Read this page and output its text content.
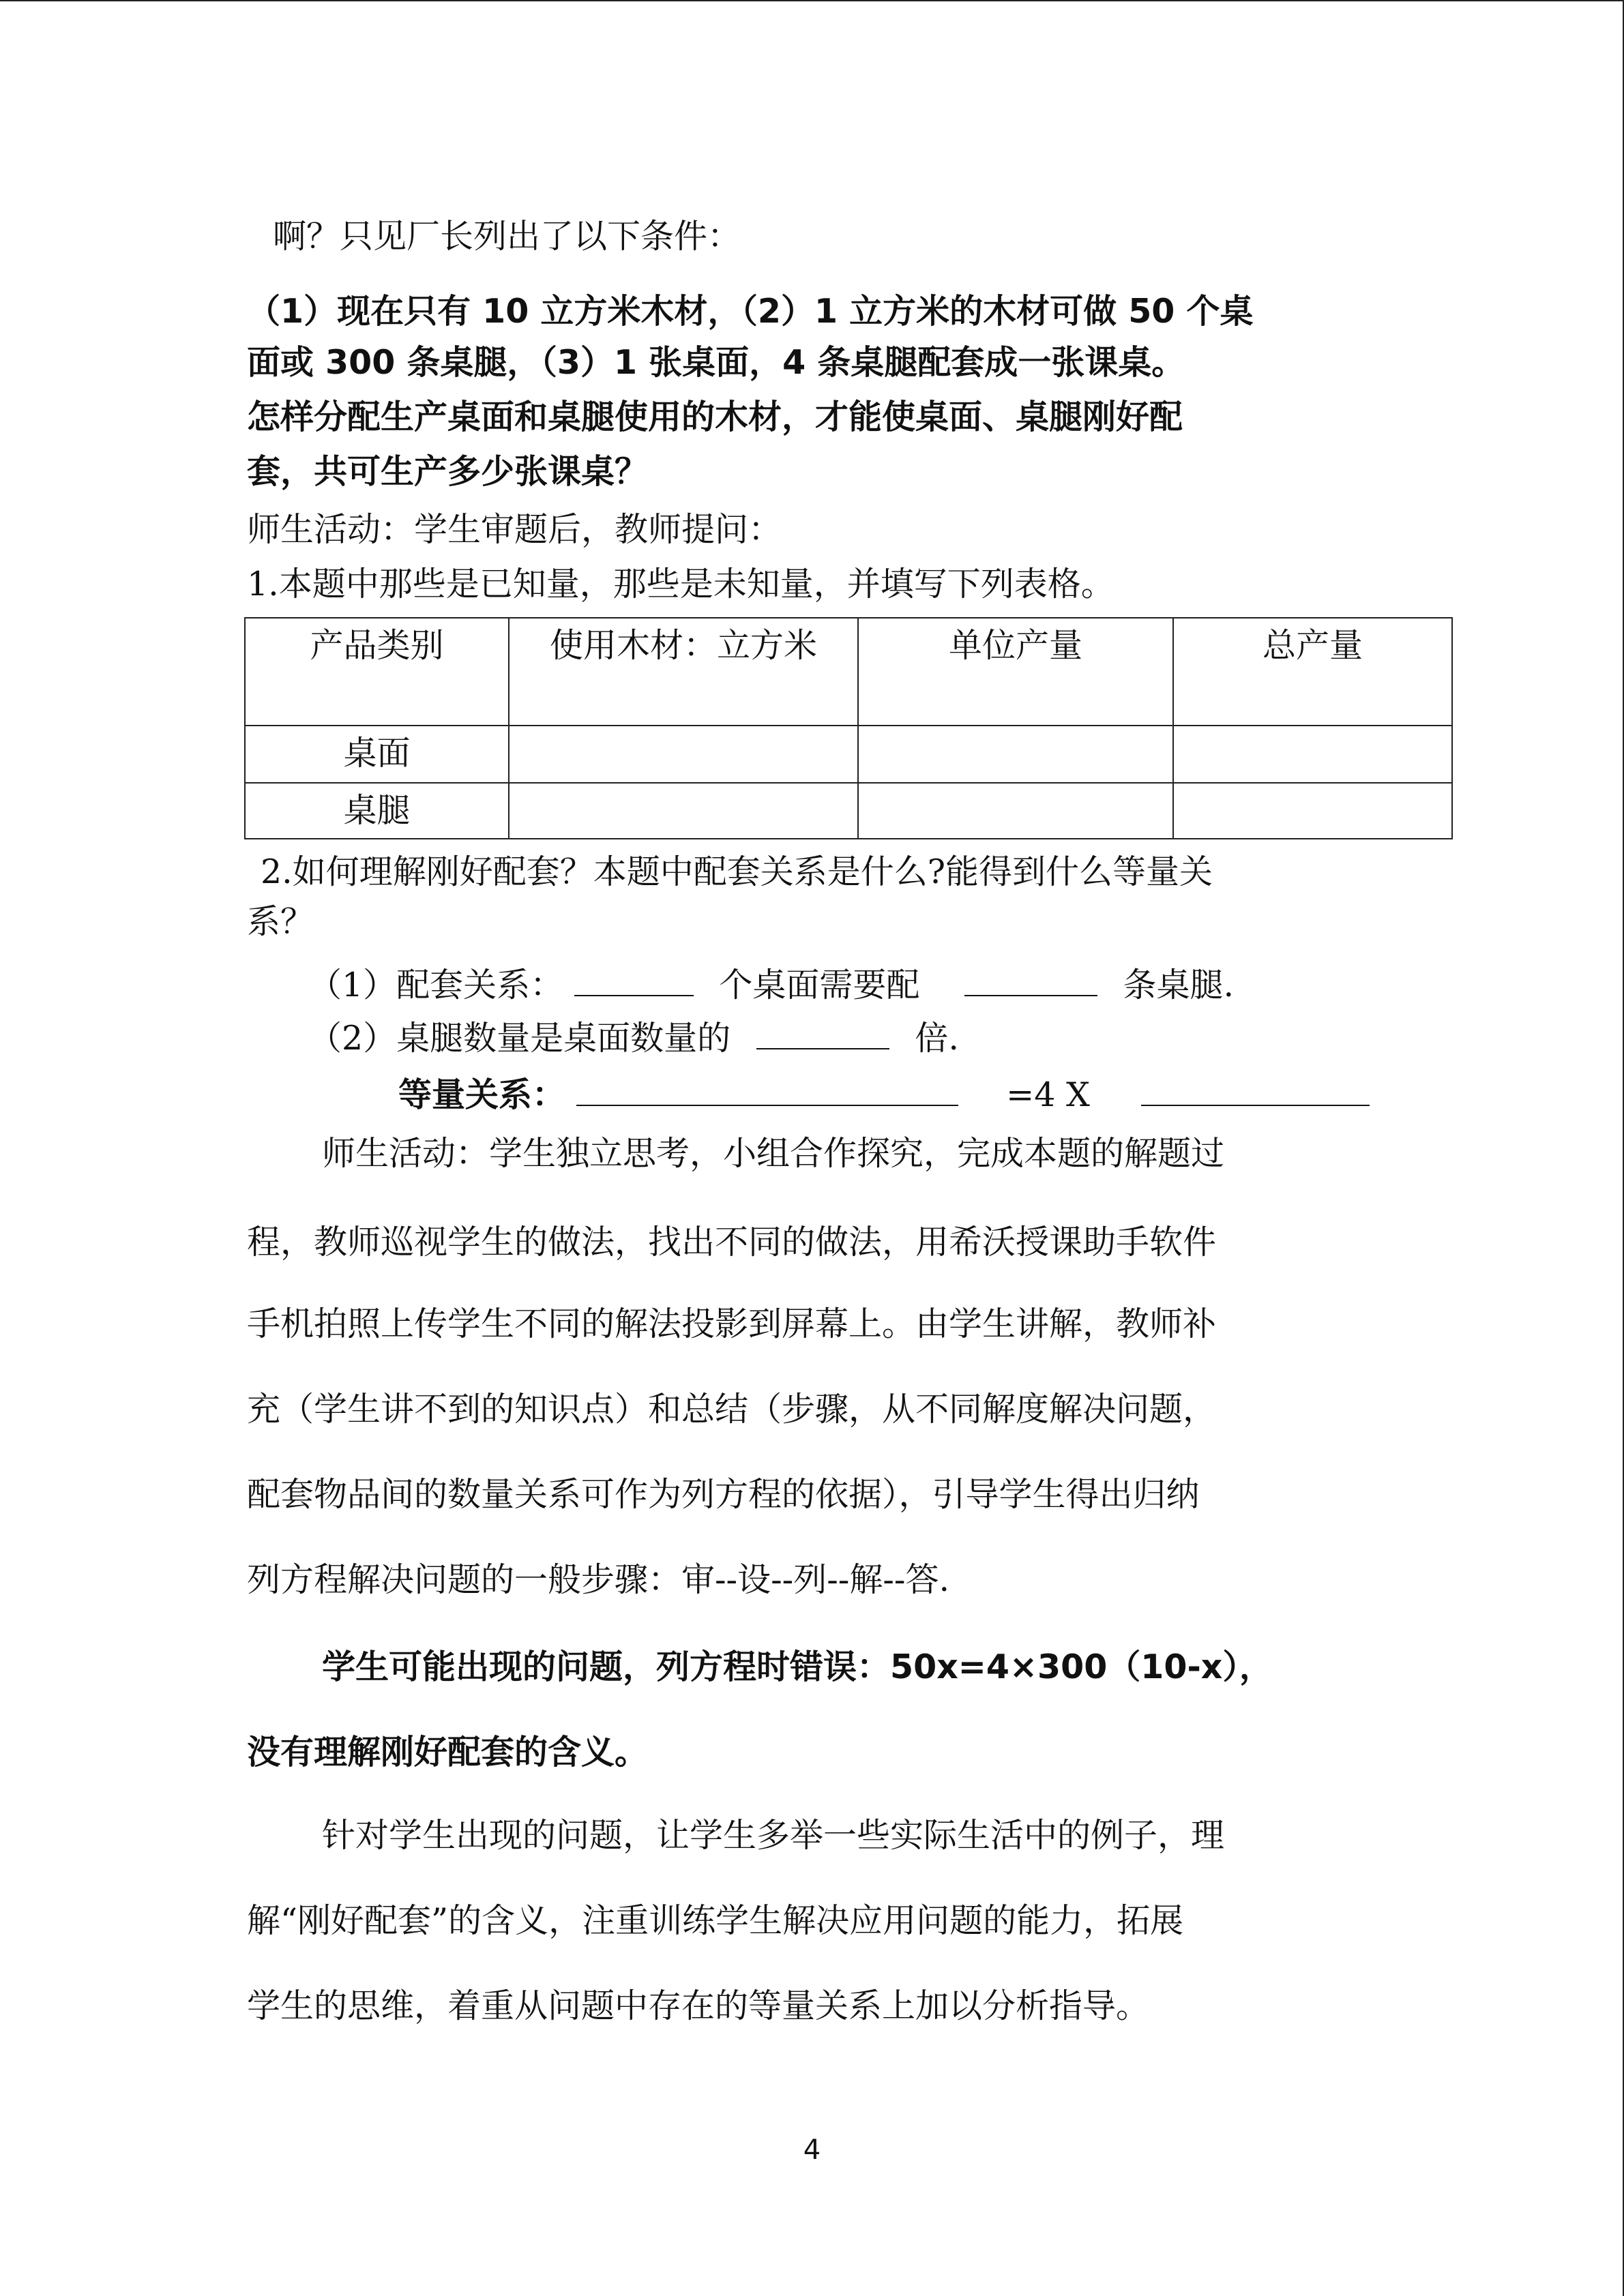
啊？只见厂长列出了以下条件：
（1）现在只有 10 立方米木材，（2）1 立方米的木材可做 50 个桌
面或 300 条桌腿，（3）1 张桌面，4 条桌腿配套成一张课桌。
怎样分配生产桌面和桌腿使用的木材，才能使桌面、桌腿刚好配
套，共可生产多少张课桌？
师生活动：学生审题后，教师提问：
1.本题中那些是已知量，那些是未知量，并填写下列表格。
产品类别	使用木材：立方米	单位产量	总产量
桌面			
桌腿			
2.如何理解刚好配套？本题中配套关系是什么?能得到什么等量关
系？
（1）配套关系：	个桌面需要配	条桌腿.
（2）桌腿数量是桌面数量的	倍.
等量关系：	=4 X
师生活动：学生独立思考，小组合作探究，完成本题的解题过
程，教师巡视学生的做法，找出不同的做法，用希沃授课助手软件
手机拍照上传学生不同的解法投影到屏幕上。由学生讲解，教师补
充（学生讲不到的知识点）和总结（步骤，从不同解度解决问题，
配套物品间的数量关系可作为列方程的依据），引导学生得出归纳
列方程解决问题的一般步骤：审--设--列--解--答.
学生可能出现的问题，列方程时错误：50x=4×300（10-x），
没有理解刚好配套的含义。
针对学生出现的问题，让学生多举一些实际生活中的例子，理
解“刚好配套”的含义，注重训练学生解决应用问题的能力，拓展
学生的思维，着重从问题中存在的等量关系上加以分析指导。
4
